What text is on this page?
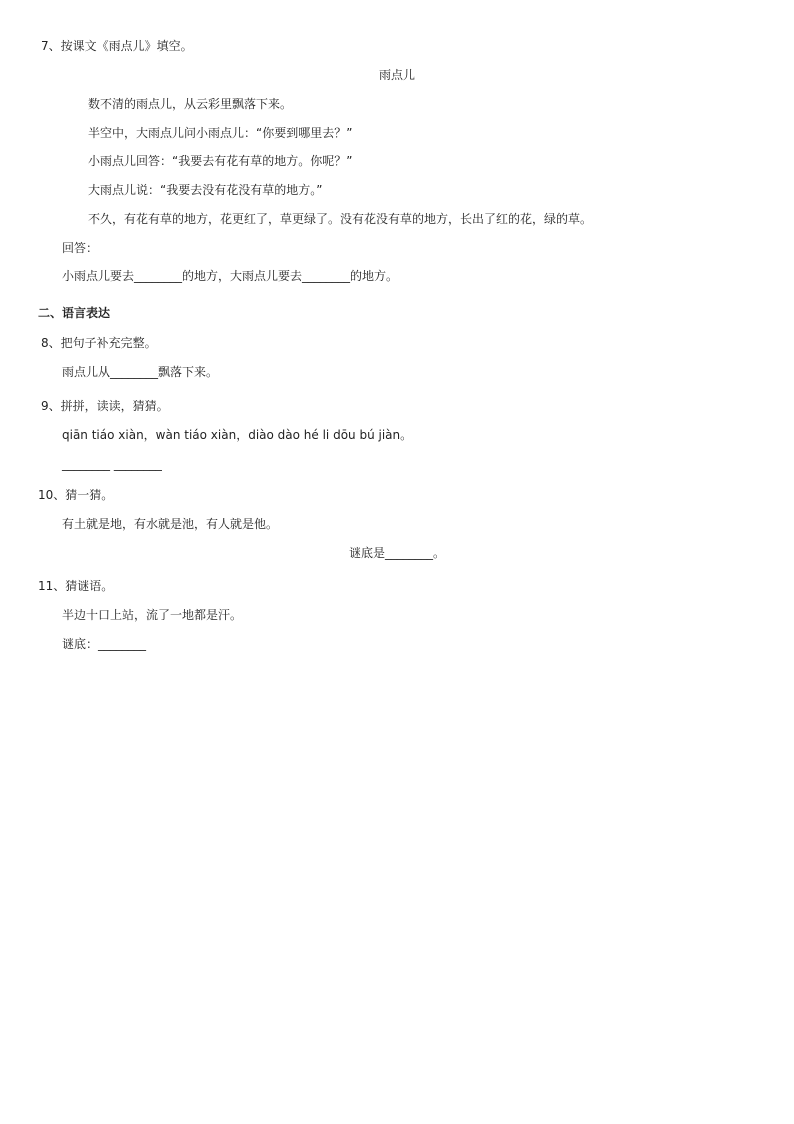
7、按课文《雨点儿》填空。
雨点儿
数不清的雨点儿，从云彩里飘落下来。
半空中，大雨点儿问小雨点儿：“你要到哪里去？”
小雨点儿回答：“我要去有花有草的地方。你呢？”
大雨点儿说：“我要去没有花没有草的地方。”
不久，有花有草的地方，花更红了，草更绿了。没有花没有草的地方，长出了红的花，绿的草。
回答：
小雨点儿要去________的地方，大雨点儿要去________的地方。
二、语言表达
8、把句子补充完整。
雨点儿从________飘落下来。
9、拼拼，读读，猜猜。
qiān tiáo xiàn，wàn tiáo xiàn，diào dào hé li dōu bú jiàn。
________ ________
10、猜一猜。
有土就是地，有水就是池，有人就是他。
谜底是________。
11、猜谜语。
半边十口上站，流了一地都是汗。
谜底：________
